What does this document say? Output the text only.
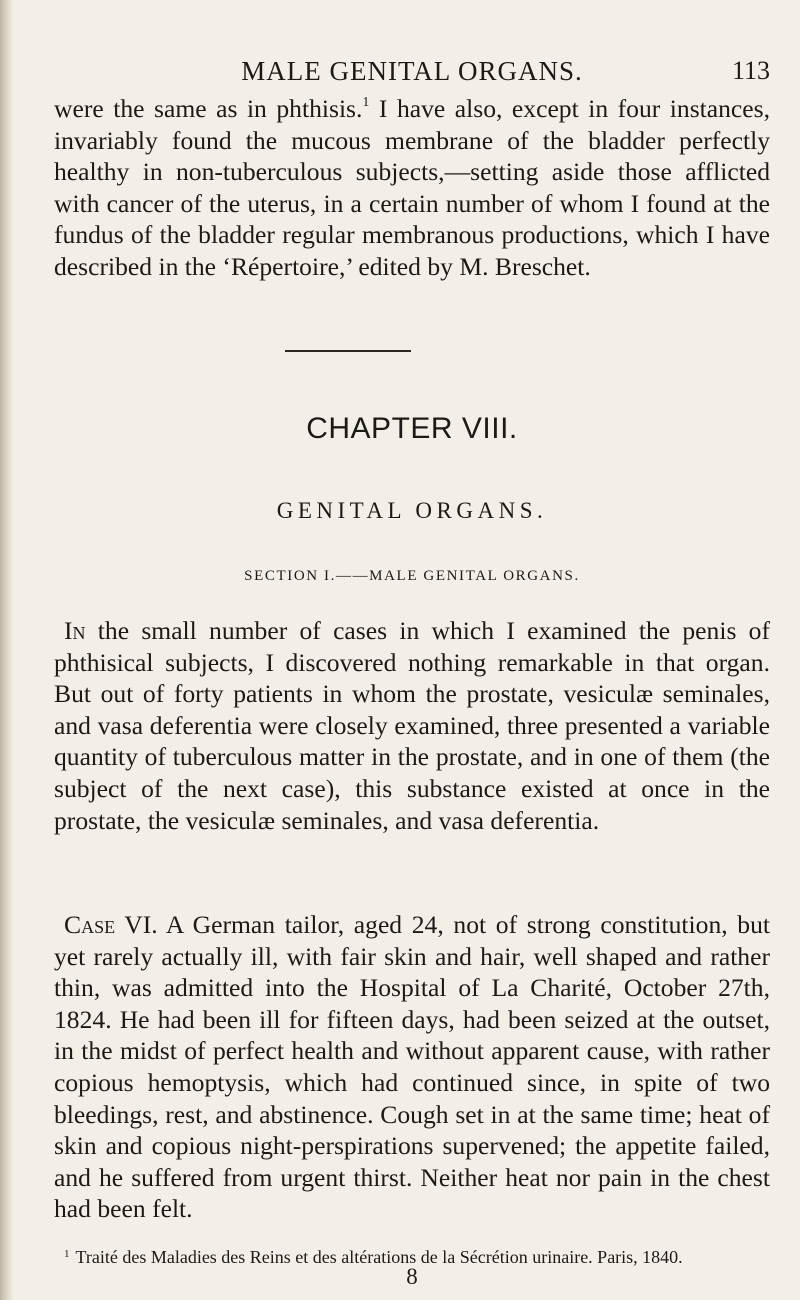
MALE GENITAL ORGANS.	113

were the same as in phthisis.$^1$ I have also, except in four instances, invariably found the mucous membrane of the bladder perfectly healthy in non-tuberculous subjects,—setting aside those afflicted with cancer of the uterus, in a certain number of whom I found at the fundus of the bladder regular membranous productions, which I have described in the ‘Répertoire,’ edited by M. Breschet.

CHAPTER VIII.
GENITAL ORGANS.
SECTION I.——MALE GENITAL ORGANS.

In the small number of cases in which I examined the penis of phthisical subjects, I discovered nothing remarkable in that organ. But out of forty patients in whom the prostate, vesiculæ seminales, and vasa deferentia were closely examined, three presented a variable quantity of tuberculous matter in the prostate, and in one of them (the subject of the next case), this substance existed at once in the prostate, the vesiculæ seminales, and vasa deferentia.

Case VI. A German tailor, aged 24, not of strong constitution, but yet rarely actually ill, with fair skin and hair, well shaped and rather thin, was admitted into the Hospital of La Charité, October 27th, 1824. He had been ill for fifteen days, had been seized at the outset, in the midst of perfect health and without apparent cause, with rather copious hemoptysis, which had continued since, in spite of two bleedings, rest, and abstinence. Cough set in at the same time; heat of skin and copious night-perspirations supervened; the appetite failed, and he suffered from urgent thirst. Neither heat nor pain in the chest had been felt.

$^1$ Traité des Maladies des Reins et des altérations de la Sécrétion urinaire. Paris, 1840.
8
